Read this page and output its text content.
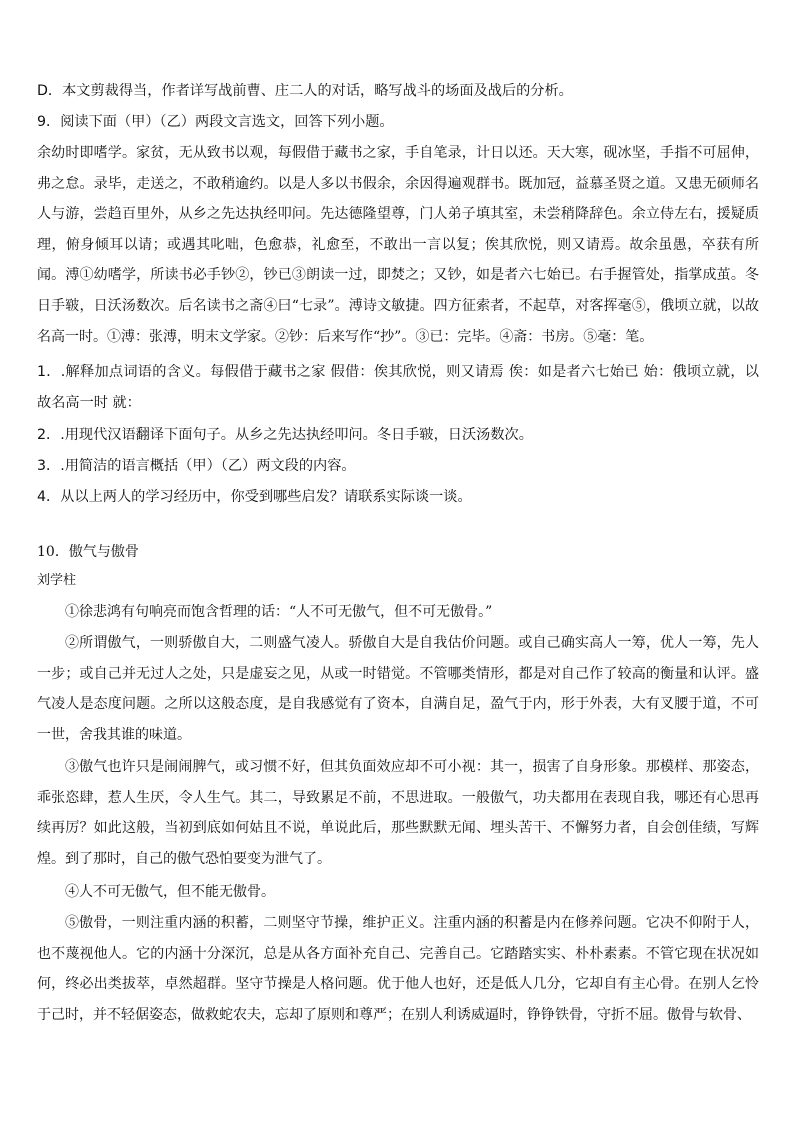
D．本文剪裁得当，作者详写战前曹、庄二人的对话，略写战斗的场面及战后的分析。

9．阅读下面（甲）（乙）两段文言选文，回答下列小题。

余幼时即嗜学。家贫，无从致书以观，每假借于藏书之家，手自笔录，计日以还。天大寒，砚冰坚，手指不可屈伸，弗之怠。录毕，走送之，不敢稍逾约。以是人多以书假余，余因得遍观群书。既加冠，益慕圣贤之道。又患无硕师名人与游，尝趋百里外，从乡之先达执经叩问。先达德隆望尊，门人弟子填其室，未尝稍降辞色。余立侍左右，援疑质理，俯身倾耳以请；或遇其叱咄，色愈恭，礼愈至，不敢出一言以复；俟其欣悦，则又请焉。故余虽愚，卒获有所闻。溥①幼嗜学，所读书必手钞②，钞已③朗读一过，即焚之；又钞，如是者六七始已。右手握管处，指掌成茧。冬日手皲，日沃汤数次。后名读书之斋④曰“七录”。溥诗文敏捷。四方征索者，不起草，对客挥毫⑤，俄顷立就，以故名高一时。①溥：张溥，明末文学家。②钞：后来写作“抄”。③已：完毕。④斋：书房。⑤毫：笔。

1．.解释加点词语的含义。每假借于藏书之家 假借：俟其欣悦，则又请焉 俟：如是者六七始已 始：俄顷立就，以故名高一时 就：

2．.用现代汉语翻译下面句子。从乡之先达执经叩问。冬日手皲，日沃汤数次。

3．.用简洁的语言概括（甲）（乙）两文段的内容。

4．从以上两人的学习经历中，你受到哪些启发？请联系实际谈一谈。

10．傲气与傲骨

刘学柱

①徐悲鸿有句响亮而饱含哲理的话：“人不可无傲气，但不可无傲骨。”

②所谓傲气，一则骄傲自大，二则盛气凌人。骄傲自大是自我估价问题。或自己确实高人一筹，优人一筹，先人一步；或自己并无过人之处，只是虚妄之见，从或一时错觉。不管哪类情形，都是对自己作了较高的衡量和认评。盛气凌人是态度问题。之所以这般态度，是自我感觉有了资本，自满自足，盈气于内，形于外表，大有叉腰于道，不可一世，舍我其谁的味道。

③傲气也许只是闹闹脾气，或习惯不好，但其负面效应却不可小视：其一，损害了自身形象。那模样、那姿态，乖张恣肆，惹人生厌，令人生气。其二，导致累足不前，不思进取。一般傲气，功夫都用在表现自我，哪还有心思再续再厉？如此这般，当初到底如何姑且不说，单说此后，那些默默无闻、埋头苦干、不懈努力者，自会创佳绩，写辉煌。到了那时，自己的傲气恐怕要变为泄气了。

④人不可无傲气，但不能无傲骨。

⑤傲骨，一则注重内涵的积蓄，二则坚守节操，维护正义。注重内涵的积蓄是内在修养问题。它决不仰附于人，也不蔑视他人。它的内涵十分深沉，总是从各方面补充自己、完善自己。它踏踏实实、朴朴素素。不管它现在状况如何，终必出类拔萃，卓然超群。坚守节操是人格问题。优于他人也好，还是低人几分，它却自有主心骨。在别人乞怜于己时，并不轻倨姿态，做救蛇农夫，忘却了原则和尊严；在别人利诱威逼时，铮铮铁骨，守折不屈。傲骨与软骨、
